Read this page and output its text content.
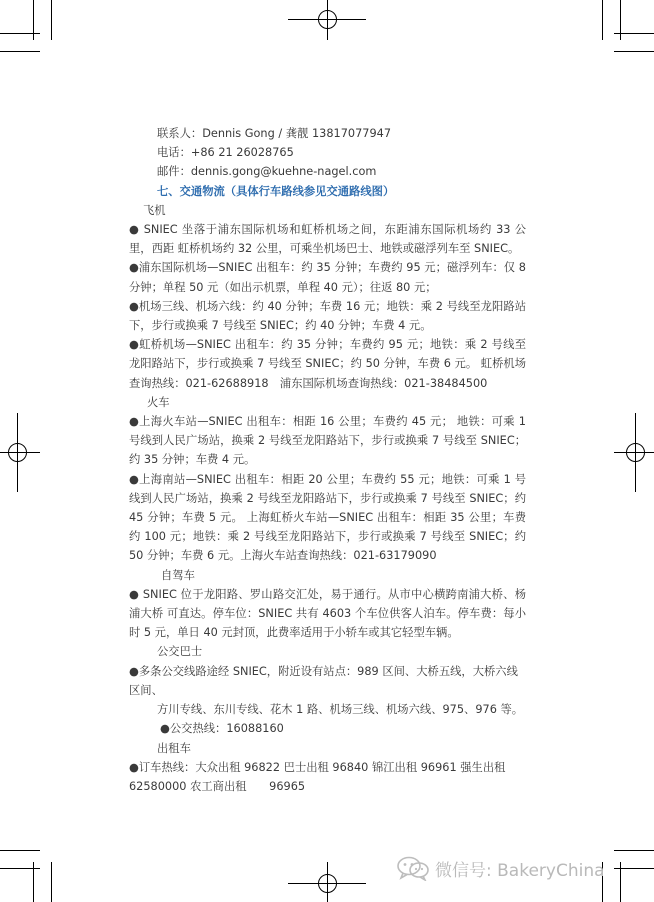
联系人：Dennis Gong / 龚靓 13817077947

电话：+86 21 26028765

邮件：dennis.gong@kuehne-nagel.com

七、交通物流（具体行车路线参见交通路线图）

飞机

● SNIEC 坐落于浦东国际机场和虹桥机场之间，东距浦东国际机场约 33 公里，西距 虹桥机场约 32 公里，可乘坐机场巴士、地铁或磁浮列车至 SNIEC。

●浦东国际机场—SNIEC 出租车：约 35 分钟；车费约 95 元；磁浮列车：仅 8 分钟；单程 50 元（如出示机票，单程 40 元）；往返 80 元；

●机场三线、机场六线：约 40 分钟；车费 16 元；地铁：乘 2 号线至龙阳路站下，步行或换乘 7 号线至 SNIEC；约 40 分钟；车费 4 元。

●虹桥机场—SNIEC 出租车：约 35 分钟；车费约 95 元；地铁：乘 2 号线至龙阳路站下，步行或换乘 7 号线至 SNIEC；约 50 分钟，车费 6 元。 虹桥机场查询热线：021-62688918　浦东国际机场查询热线：021-38484500

火车

●上海火车站—SNIEC 出租车：相距 16 公里；车费约 45 元； 地铁：可乘 1 号线到人民广场站，换乘 2 号线至龙阳路站下，步行或换乘 7 号线至 SNIEC；约 35 分钟；车费 4 元。

●上海南站—SNIEC 出租车：相距 20 公里；车费约 55 元；地铁：可乘 1 号线到人民广场站，换乘 2 号线至龙阳路站下，步行或换乘 7 号线至 SNIEC；约 45 分钟；车费 5 元。 上海虹桥火车站—SNIEC 出租车：相距 35 公里；车费约 100 元；地铁：乘 2 号线至龙阳路站下，步行或换乘 7 号线至 SNIEC；约 50 分钟；车费 6 元。上海火车站查询热线：021-63179090

自驾车

● SNIEC 位于龙阳路、罗山路交汇处，易于通行。从市中心横跨南浦大桥、杨浦大桥 可直达。停车位：SNIEC 共有 4603 个车位供客人泊车。停车费：每小时 5 元，单日 40 元封顶，此费率适用于小轿车或其它轻型车辆。

公交巴士

●多条公交线路途经 SNIEC，附近设有站点：989 区间、大桥五线，大桥六线区间、

方川专线、东川专线、花木 1 路、机场三线、机场六线、975、976 等。

●公交热线：16088160

出租车

●订车热线：大众出租 96822 巴士出租 96840 锦江出租 96961 强生出租

62580000 农工商出租　　96965

微信号: BakeryChina
